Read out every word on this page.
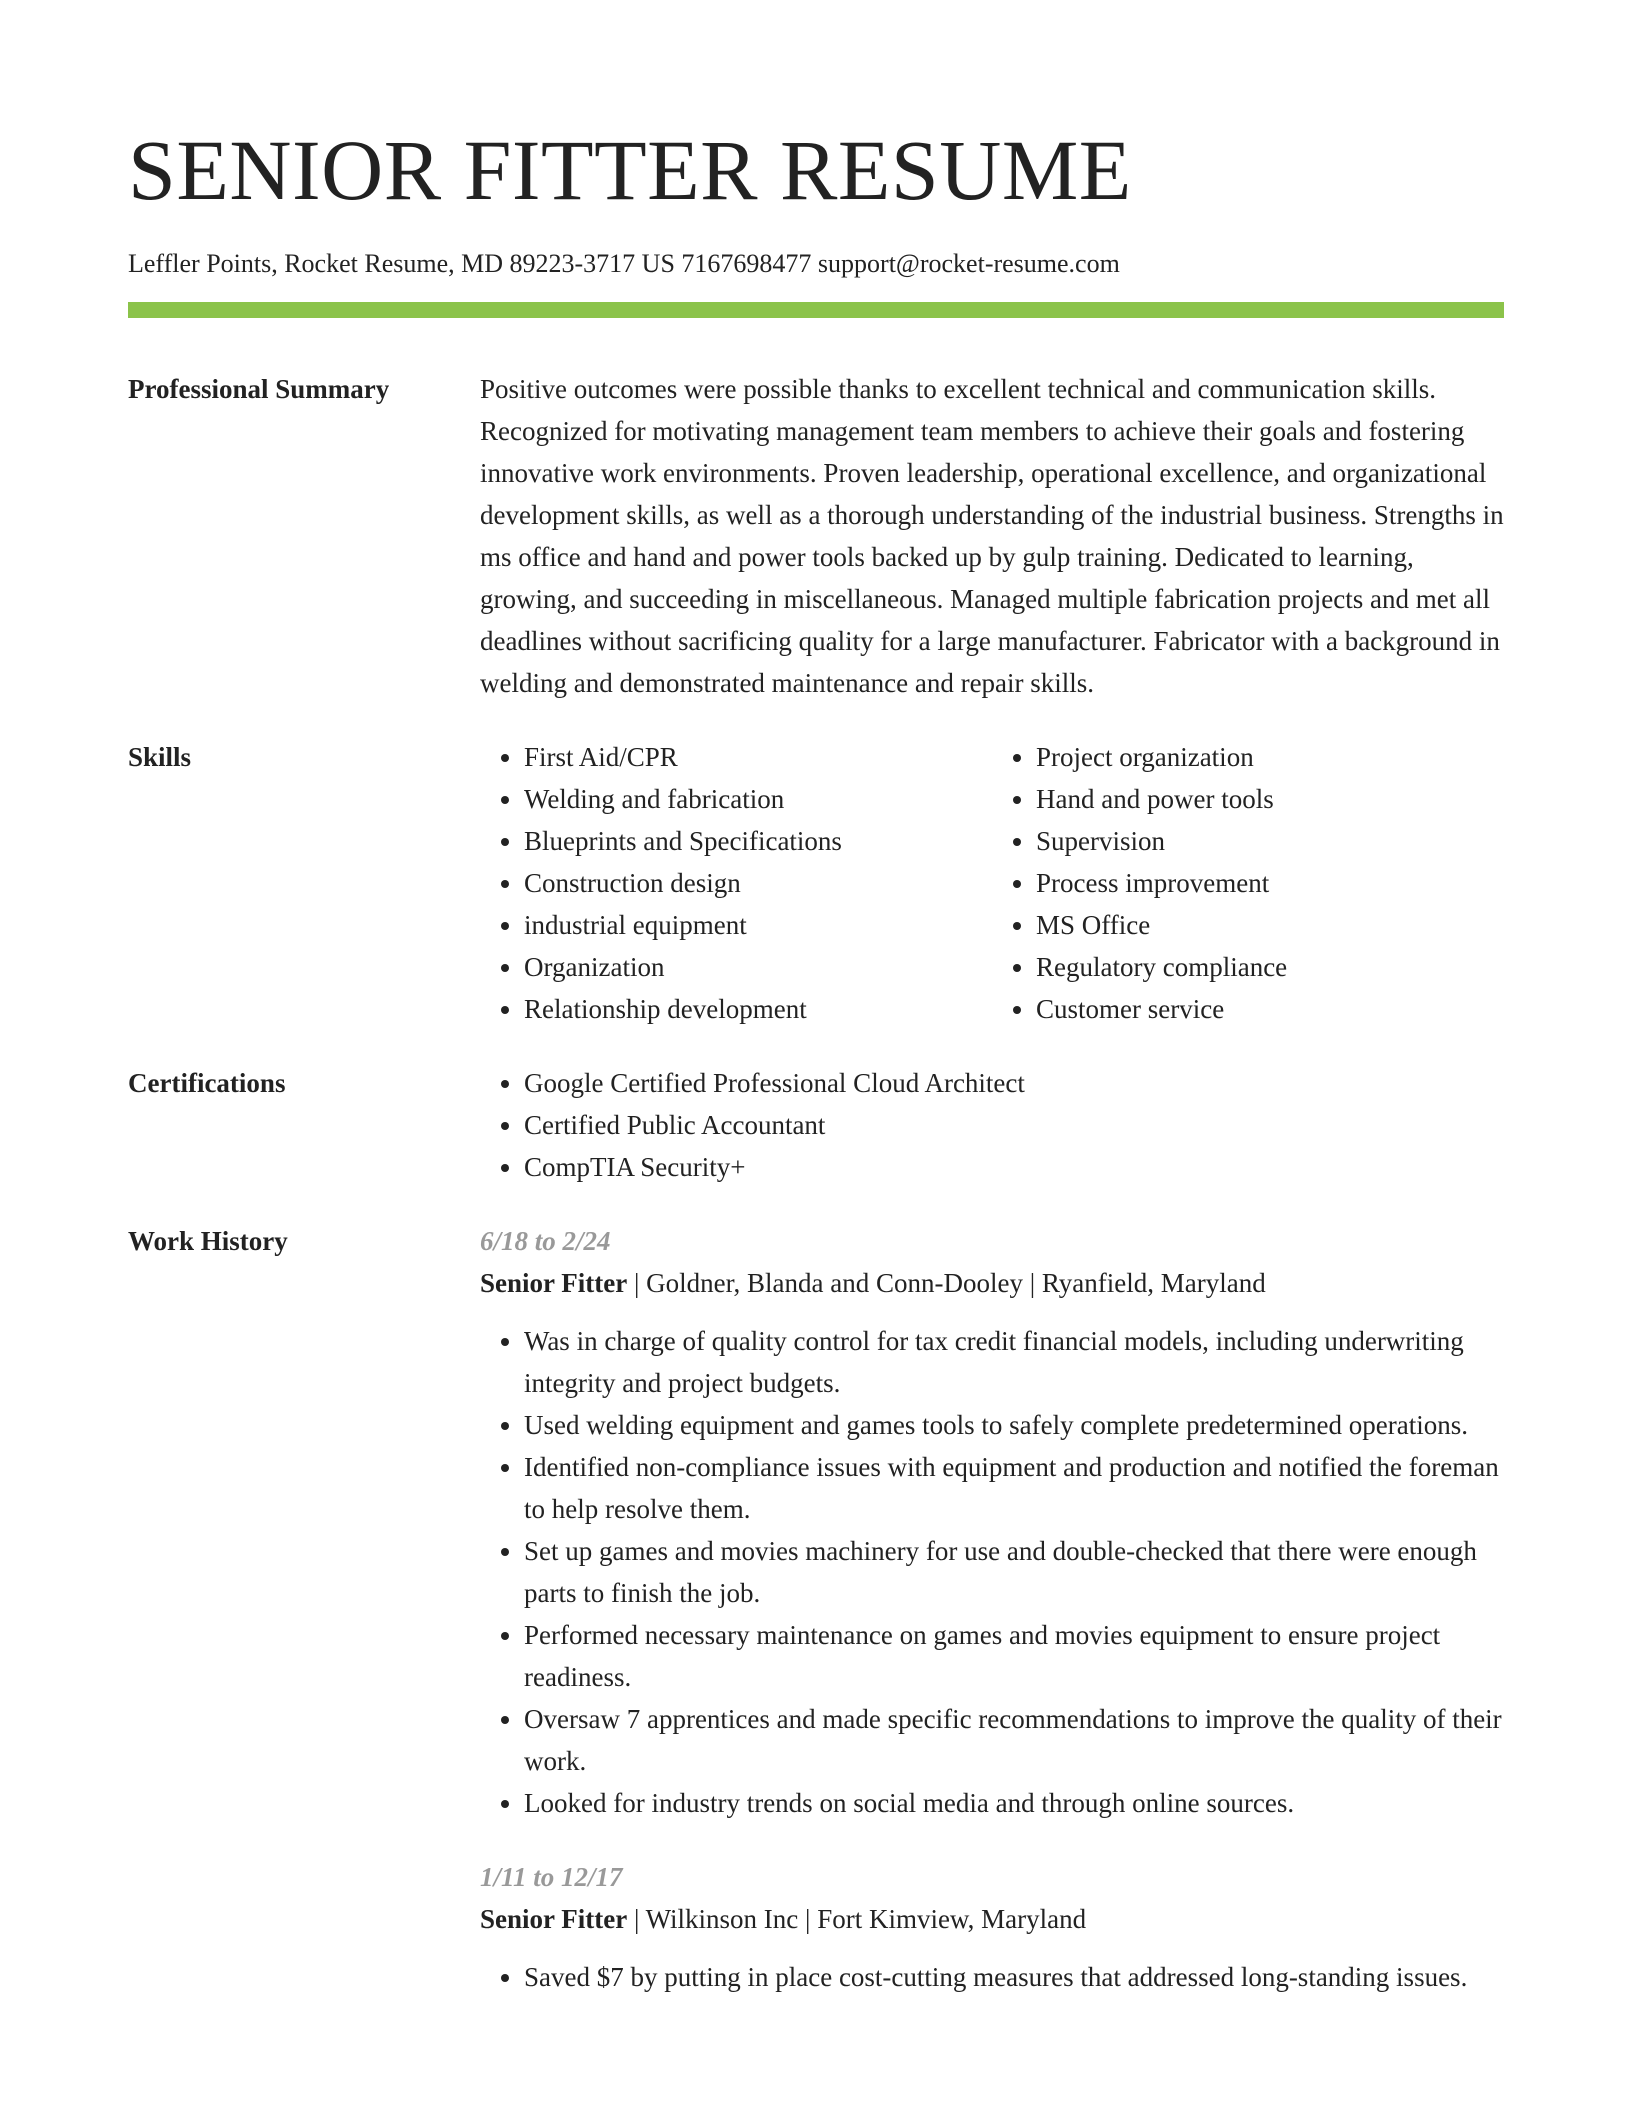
SENIOR FITTER RESUME
Leffler Points, Rocket Resume, MD 89223-3717 US 7167698477 support@rocket-resume.com
Professional Summary	Positive outcomes were possible thanks to excellent technical and communication skills. Recognized for motivating management team members to achieve their goals and fostering innovative work environments. Proven leadership, operational excellence, and organizational development skills, as well as a thorough understanding of the industrial business. Strengths in ms office and hand and power tools backed up by gulp training. Dedicated to learning, growing, and succeeding in miscellaneous. Managed multiple fabrication projects and met all deadlines without sacrificing quality for a large manufacturer. Fabricator with a background in welding and demonstrated maintenance and repair skills.
Skills	• First Aid/CPR
• Welding and fabrication
• Blueprints and Specifications
• Construction design
• industrial equipment
• Organization
• Relationship development
• Project organization
• Hand and power tools
• Supervision
• Process improvement
• MS Office
• Regulatory compliance
• Customer service
Certifications	• Google Certified Professional Cloud Architect
• Certified Public Accountant
• CompTIA Security+
Work History	6/18 to 2/24
Senior Fitter | Goldner, Blanda and Conn-Dooley | Ryanfield, Maryland
• Was in charge of quality control for tax credit financial models, including underwriting integrity and project budgets.
• Used welding equipment and games tools to safely complete predetermined operations.
• Identified non-compliance issues with equipment and production and notified the foreman to help resolve them.
• Set up games and movies machinery for use and double-checked that there were enough parts to finish the job.
• Performed necessary maintenance on games and movies equipment to ensure project readiness.
• Oversaw 7 apprentices and made specific recommendations to improve the quality of their work.
• Looked for industry trends on social media and through online sources.
1/11 to 12/17
Senior Fitter | Wilkinson Inc | Fort Kimview, Maryland
• Saved $7 by putting in place cost-cutting measures that addressed long-standing issues.
